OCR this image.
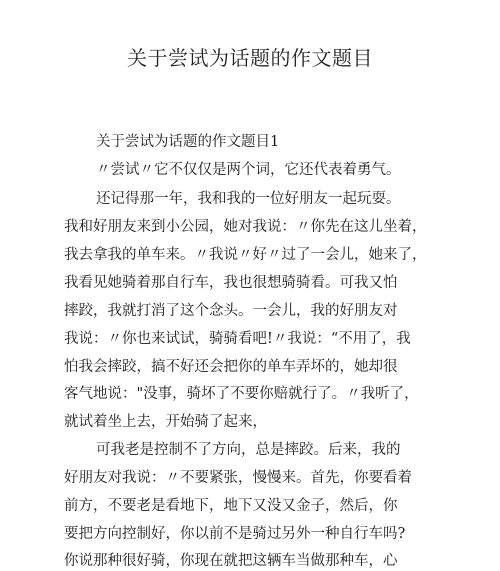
关于尝试为话题的作文题目
关于尝试为话题的作文题目1
〃尝试〃它不仅仅是两个词，它还代表着勇气。
还记得那一年，我和我的一位好朋友一起玩耍。
我和好朋友来到小公园，她对我说：〃你先在这儿坐着，
我去拿我的单车来。〃我说〃好〃过了一会儿，她来了，
我看见她骑着那自行车，我也很想骑骑看。可我又怕
摔跤，我就打消了这个念头。一会儿，我的好朋友对
我说：〃你也来试试，骑骑看吧!〃我说：“不用了，我
怕我会摔跤，搞不好还会把你的单车弄坏的，她却很
客气地说："没事，骑坏了不要你赔就行了。〃我听了，
就试着坐上去，开始骑了起来，
可我老是控制不了方向，总是摔跤。后来，我的
好朋友对我说：〃不要紧张，慢慢来。首先，你要看着
前方，不要老是看地下，地下又没又金子，然后，你
要把方向控制好，你以前不是骑过另外一种自行车吗?
你说那种很好骑，你现在就把这辆车当做那种车，心
